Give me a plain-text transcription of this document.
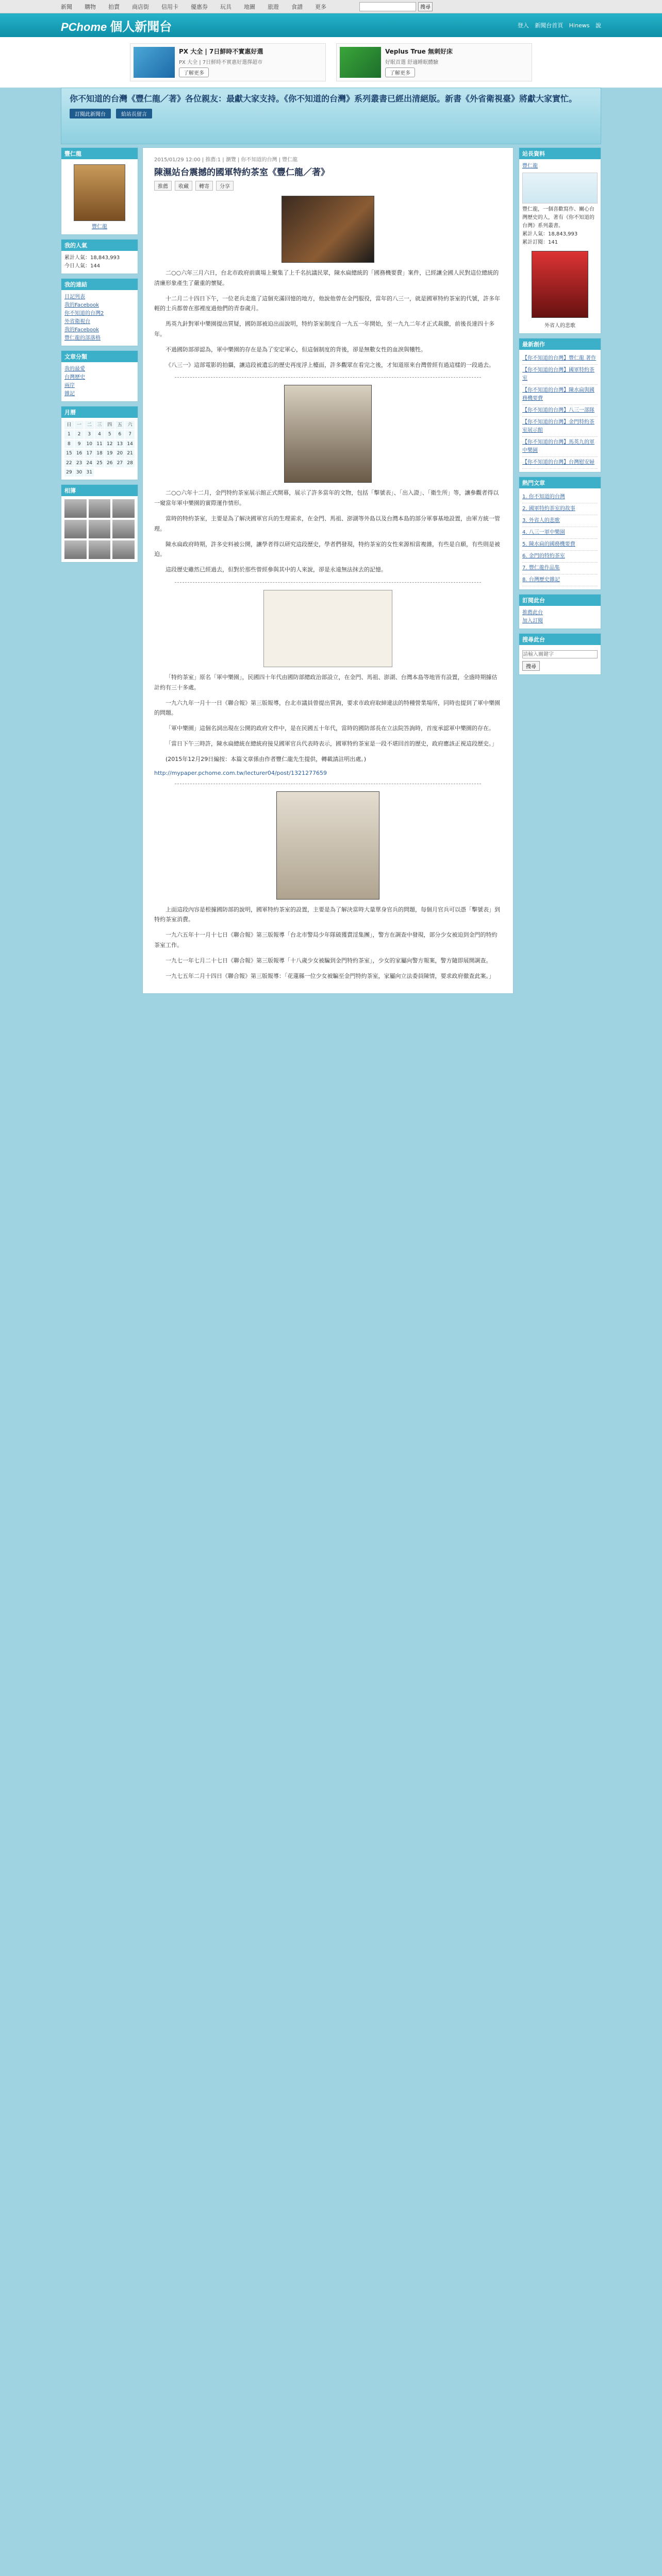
新聞 購物 拍賣 商店街 信用卡 優惠券 玩具 地圖 旅遊 食譜 更多	搜尋
PChome 個人新聞台	登入 新聞台首頁 Hinews 說
PX 大全 | 7日鮮時不實惠好選
PX 大全 | 7日鮮時不實惠好選擇超市
了解更多
Veplus True 無刺好床
好眠首選 舒適睡眠體驗
了解更多
你不知道的台灣《豐仁龍／著》各位親友：最獻大家支持。《你不知道的台灣》系列叢書已經出清絕版。新書《外省衛視臺》將獻大家實忙。
訂閱此新聞台	給站長留言
豐仁龍
豐仁龍
我的人氣
累計人氣：18,843,993
今日人氣：144
我的連結
日記列表
我的Facebook
你不知道的台灣2
外省衛視台
我的Facebook
豐仁龍的部落格
文章分類
我的最愛
台灣歷史
兩岸
雜記
月曆
日	一	二	三	四	五	六
1	2	3	4	5	6	7
8	9	10 11 12 13 14
15 16 17 18 19 20 21
22 23 24 25 26 27 28
29 30 31
相簿
2015/01/29 12:00 | 推薦:1 | 瀏覽 | 你不知道的台灣 | 豐仁龍
陳濕站台震撼的國軍特約茶室《豐仁龍／著》
推薦	收藏	轉寄	分享

二○○六年三月六日，台北市政府前廣場上聚集了上千名抗議民眾，陳水扁總統的「國務機要費」案件，已經讓全國人民對這位總統的清廉形象產生了嚴重的懷疑。

十二月二十四日下午，一位老兵走進了這個充滿回憶的地方，他說他曾在金門服役，當年的八三一，就是國軍特約茶室的代號，許多年輕的士兵都曾在那裡度過他們的青春歲月。

馬英九針對軍中樂園提出質疑，國防部被迫出面說明，特約茶室制度自一九五一年開始，至一九九二年才正式裁撤，前後長達四十多年。

不過國防部卻認為，軍中樂園的存在是為了安定軍心，但這個制度的背後，卻是無數女性的血淚與犧牲。

《八三一》這部電影的拍攝，讓這段被遺忘的歷史再度浮上檯面，許多觀眾在看完之後，才知道原來台灣曾經有過這樣的一段過去。

二○○六年十二月，金門特約茶室展示館正式開幕，展示了許多當年的文物，包括「擊號表」、「出入證」、「衛生所」等，讓參觀者得以一窺當年軍中樂園的實際運作情形。

當時的特約茶室，主要是為了解決國軍官兵的生理需求，在金門、馬祖、澎湖等外島以及台灣本島的部分軍事基地設置，由軍方統一管理。

陳水扁政府時期，許多史料被公開，讓學者得以研究這段歷史，學者們發現，特約茶室的女性來源相當複雜，有些是自願，有些則是被迫。

這段歷史雖然已經過去，但對於那些曾經參與其中的人來說，卻是永遠無法抹去的記憶。

「特約茶室」原名「軍中樂園」，民國四十年代由國防部總政治部設立，在金門、馬祖、澎湖、台灣本島等地皆有設置，全盛時期據估計約有三十多處。

一九六九年一月十一日《聯合報》第三版報導，台北市議員曾提出質詢，要求市政府取締違法的特種營業場所，同時也提到了軍中樂園的問題。

「軍中樂園」這個名詞出現在公開的政府文件中，是在民國五十年代，當時的國防部長在立法院答詢時，首度承認軍中樂園的存在。

「當日下午三時許，陳水扁總統在總統府接見國軍官兵代表時表示，國軍特約茶室是一段不堪回首的歷史，政府應該正視這段歷史。」

(2015年12月29日編按：本篇文章係由作者豐仁龍先生提供，轉載請註明出處。)

http://mypaper.pchome.com.tw/lecturer04/post/1321277659

上面這段內容是根據國防部的說明，國軍特約茶室的設置，主要是為了解決當時大量單身官兵的問題，每個月官兵可以憑「擊號表」到特約茶室消費。

一九六五年十一月十七日《聯合報》第三版報導「台北市警局少年隊破獲賣淫集團」，警方在調查中發現，部分少女被迫到金門的特約茶室工作。

一九七一年七月二十七日《聯合報》第三版報導「十八歲少女被騙到金門特約茶室」，少女的家屬向警方報案，警方隨即展開調查。

一九七五年二月十四日《聯合報》第三版報導：「花蓮縣一位少女被騙至金門特約茶室，家屬向立法委員陳情，要求政府徹查此案。」

站長資料
豐仁龍
豐仁龍，一個喜歡寫作、關心台灣歷史的人，著有《你不知道的台灣》系列叢書。
累計人氣：18,843,993
累計訂閱：141
外省人的悲歌
最新創作
【你不知道的台灣】豐仁龍 著作
【你不知道的台灣】國軍特約茶室
【你不知道的台灣】陳水扁與國務機要費
【你不知道的台灣】八三一部隊
【你不知道的台灣】金門特約茶室展示館
【你不知道的台灣】馬英九的軍中樂園
【你不知道的台灣】台灣慰安婦
熱門文章
1. 你不知道的台灣
2. 國軍特約茶室的故事
3. 外省人的悲歌
4. 八三一軍中樂園
5. 陳水扁的國務機要費
6. 金門的特約茶室
7. 豐仁龍作品集
8. 台灣歷史雜記
訂閱此台
推薦此台
加入訂閱
搜尋此台
請輸入關鍵字 搜尋
